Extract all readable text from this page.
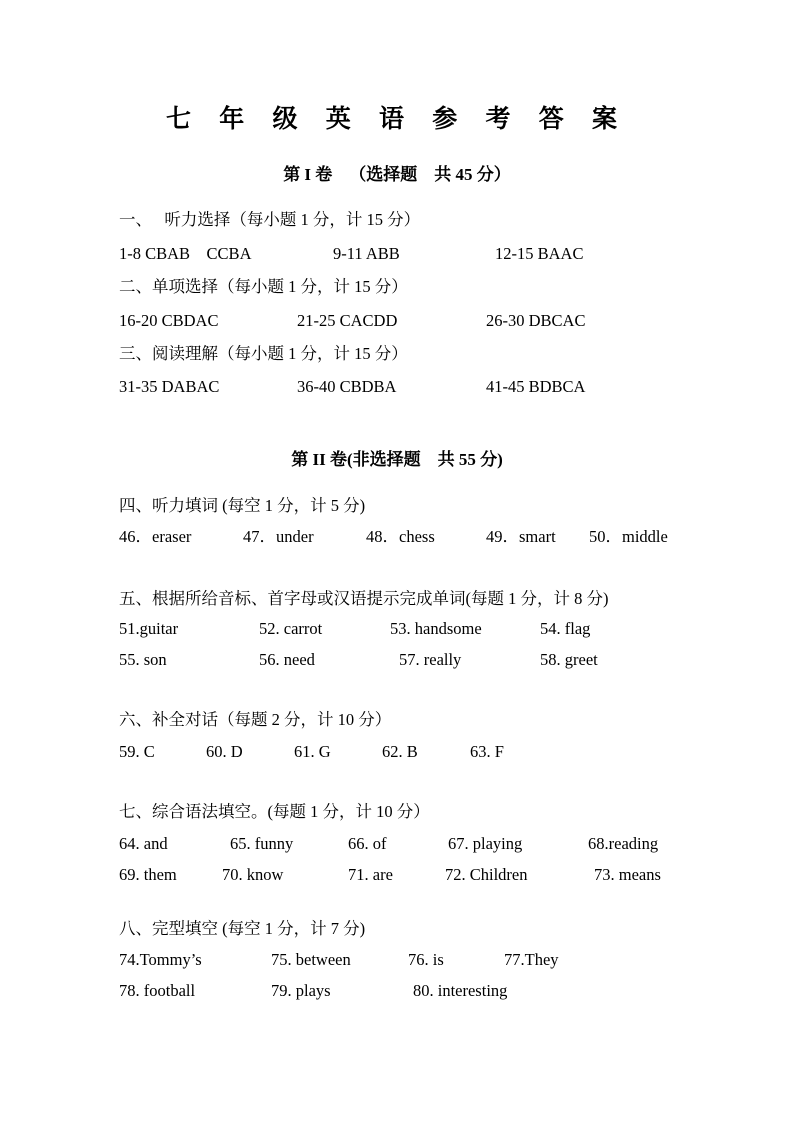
七 年 级 英 语 参 考 答 案
第 I 卷    （选择题    共 45 分）
一、   听力选择（每小题 1 分，计 15 分）
1-8 CBAB    CCBA	9-11 ABB	12-15 BAAC
二、单项选择（每小题 1 分，计 15 分）
16-20 CBDAC	21-25 CACDD	26-30 DBCAC
三、阅读理解（每小题 1 分，计 15 分）
31-35 DABAC	36-40 CBDBA	41-45 BDBCA
第 II 卷(非选择题    共 55 分)
四、听力填词 (每空 1 分，计 5 分)
46．eraser	47．under	48．chess	49．smart 50．middle
五、根据所给音标、首字母或汉语提示完成单词(每题 1 分，计 8 分)
51.guitar	52. carrot	53. handsome	54. flag
55. son	56. need	57. really	58. greet
六、补全对话（每题 2 分，计 10 分）
59. C	60. D	61. G	62. B	63. F
七、综合语法填空。(每题 1 分，计 10 分）
64. and	65. funny	66. of	67. playing	68.reading
69. them	70. know	71. are	72. Children	73. means
八、完型填空 (每空 1 分，计 7 分)
74.Tommy’s	75. between	76. is	77.They
78. football	79. plays	80. interesting
